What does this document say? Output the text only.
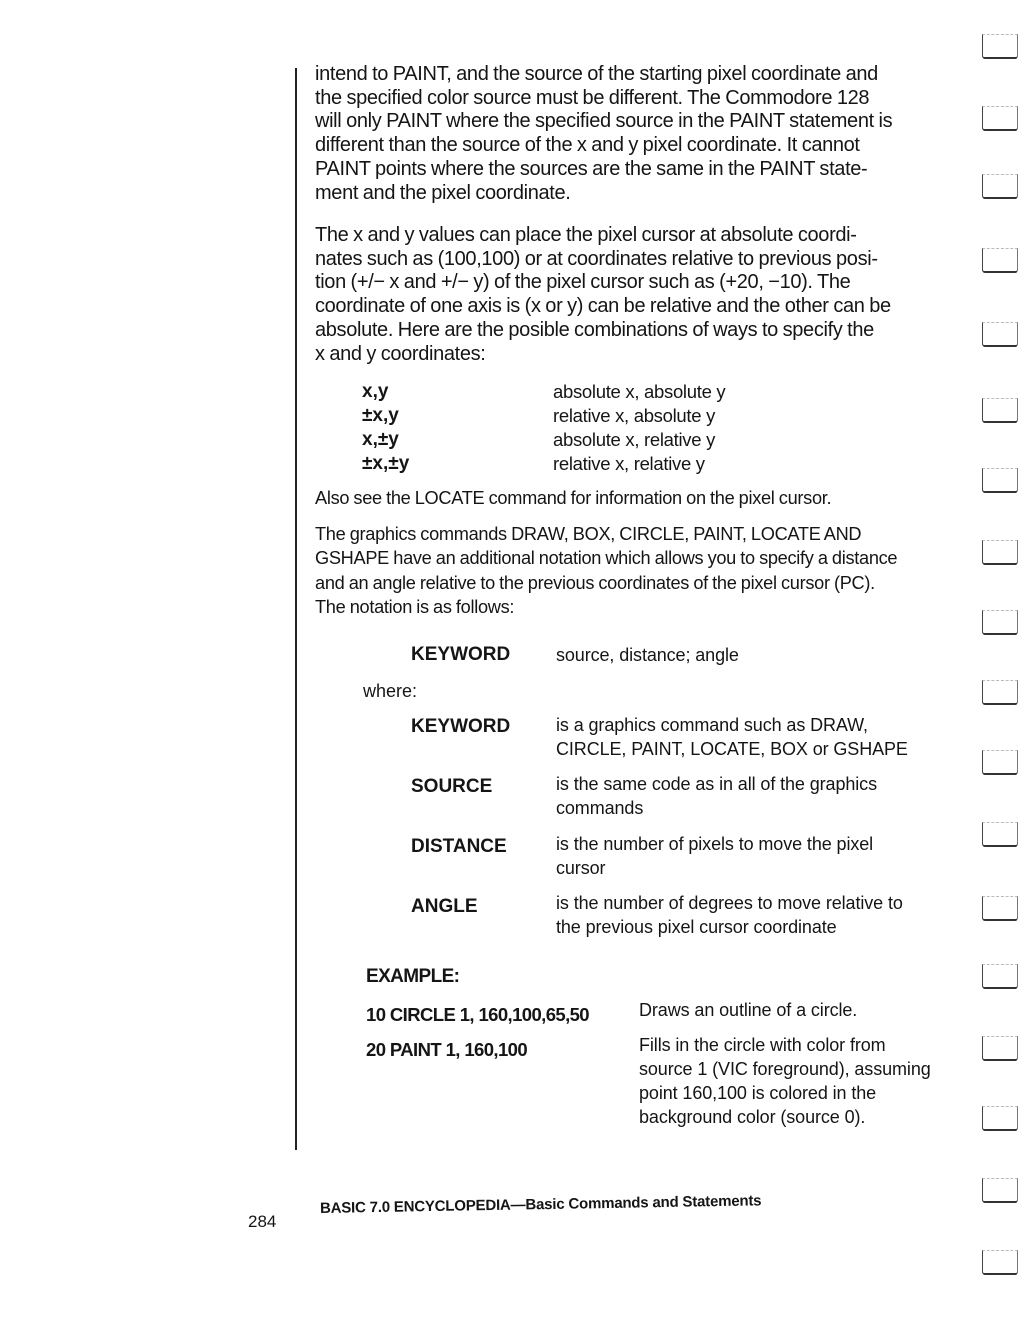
intend to PAINT, and the source of the starting pixel coordinate and
the specified color source must be different. The Commodore 128
will only PAINT where the specified source in the PAINT statement is
different than the source of the x and y pixel coordinate. It cannot
PAINT points where the sources are the same in the PAINT state-
ment and the pixel coordinate.
The x and y values can place the pixel cursor at absolute coordi-
nates such as (100,100) or at coordinates relative to previous posi-
tion (+/− x and +/− y) of the pixel cursor such as (+20, −10). The
coordinate of one axis is (x or y) can be relative and the other can be
absolute. Here are the posible combinations of ways to specify the
x and y coordinates:
x,y	absolute x, absolute y
±x,y	relative x, absolute y
x,±y	absolute x, relative y
±x,±y	relative x, relative y
Also see the LOCATE command for information on the pixel cursor.
The graphics commands DRAW, BOX, CIRCLE, PAINT, LOCATE AND
GSHAPE have an additional notation which allows you to specify a distance
and an angle relative to the previous coordinates of the pixel cursor (PC).
The notation is as follows:
KEYWORD	source, distance; angle
where:
KEYWORD	is a graphics command such as DRAW,
CIRCLE, PAINT, LOCATE, BOX or GSHAPE
SOURCE	is the same code as in all of the graphics
commands
DISTANCE	is the number of pixels to move the pixel
cursor
ANGLE	is the number of degrees to move relative to
the previous pixel cursor coordinate
EXAMPLE:
10 CIRCLE 1, 160,100,65,50	Draws an outline of a circle.
20 PAINT 1, 160,100	Fills in the circle with color from
source 1 (VIC foreground), assuming
point 160,100 is colored in the
background color (source 0).
284
BASIC 7.0 ENCYCLOPEDIA—Basic Commands and Statements
